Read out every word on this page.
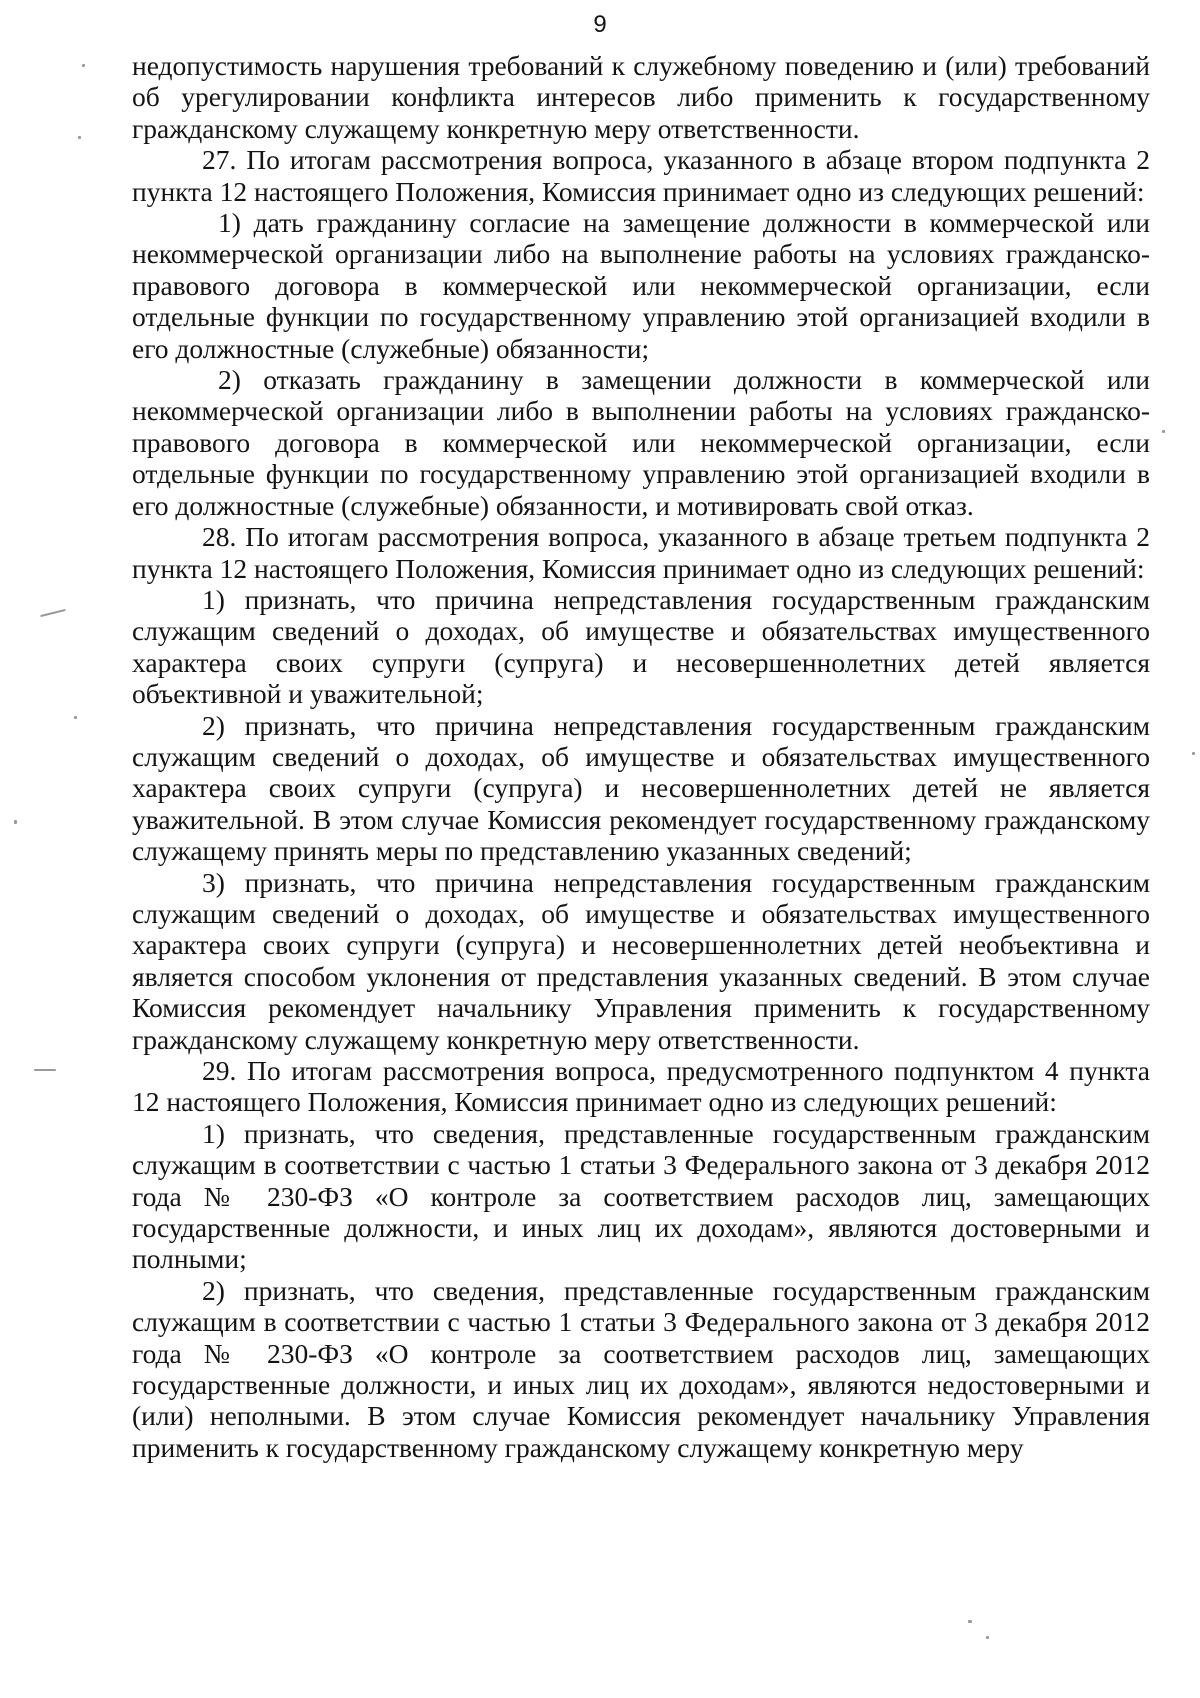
9

недопустимость нарушения требований к служебному поведению и (или) требований об урегулировании конфликта интересов либо применить к государственному гражданскому служащему конкретную меру ответственности.

27. По итогам рассмотрения вопроса, указанного в абзаце втором подпункта 2 пункта 12 настоящего Положения, Комиссия принимает одно из следующих решений:

1) дать гражданину согласие на замещение должности в коммерческой или некоммерческой организации либо на выполнение работы на условиях гражданско-правового договора в коммерческой или некоммерческой организации, если отдельные функции по государственному управлению этой организацией входили в его должностные (служебные) обязанности;

2) отказать гражданину в замещении должности в коммерческой или некоммерческой организации либо в выполнении работы на условиях гражданско-правового договора в коммерческой или некоммерческой организации, если отдельные функции по государственному управлению этой организацией входили в его должностные (служебные) обязанности, и мотивировать свой отказ.

28. По итогам рассмотрения вопроса, указанного в абзаце третьем подпункта 2 пункта 12 настоящего Положения, Комиссия принимает одно из следующих решений:

1) признать, что причина непредставления государственным гражданским служащим сведений о доходах, об имуществе и обязательствах имущественного характера своих супруги (супруга) и несовершеннолетних детей является объективной и уважительной;

2) признать, что причина непредставления государственным гражданским служащим сведений о доходах, об имуществе и обязательствах имущественного характера своих супруги (супруга) и несовершеннолетних детей не является уважительной. В этом случае Комиссия рекомендует государственному гражданскому служащему принять меры по представлению указанных сведений;

3) признать, что причина непредставления государственным гражданским служащим сведений о доходах, об имуществе и обязательствах имущественного характера своих супруги (супруга) и несовершеннолетних детей необъективна и является способом уклонения от представления указанных сведений. В этом случае Комиссия рекомендует начальнику Управления применить к государственному гражданскому служащему конкретную меру ответственности.

29. По итогам рассмотрения вопроса, предусмотренного подпунктом 4 пункта 12 настоящего Положения, Комиссия принимает одно из следующих решений:

1) признать, что сведения, представленные государственным гражданским служащим в соответствии с частью 1 статьи 3 Федерального закона от 3 декабря 2012 года № 230-ФЗ «О контроле за соответствием расходов лиц, замещающих государственные должности, и иных лиц их доходам», являются достоверными и полными;

2) признать, что сведения, представленные государственным гражданским служащим в соответствии с частью 1 статьи 3 Федерального закона от 3 декабря 2012 года № 230-ФЗ «О контроле за соответствием расходов лиц, замещающих государственные должности, и иных лиц их доходам», являются недостоверными и (или) неполными. В этом случае Комиссия рекомендует начальнику Управления применить к государственному гражданскому служащему конкретную меру
